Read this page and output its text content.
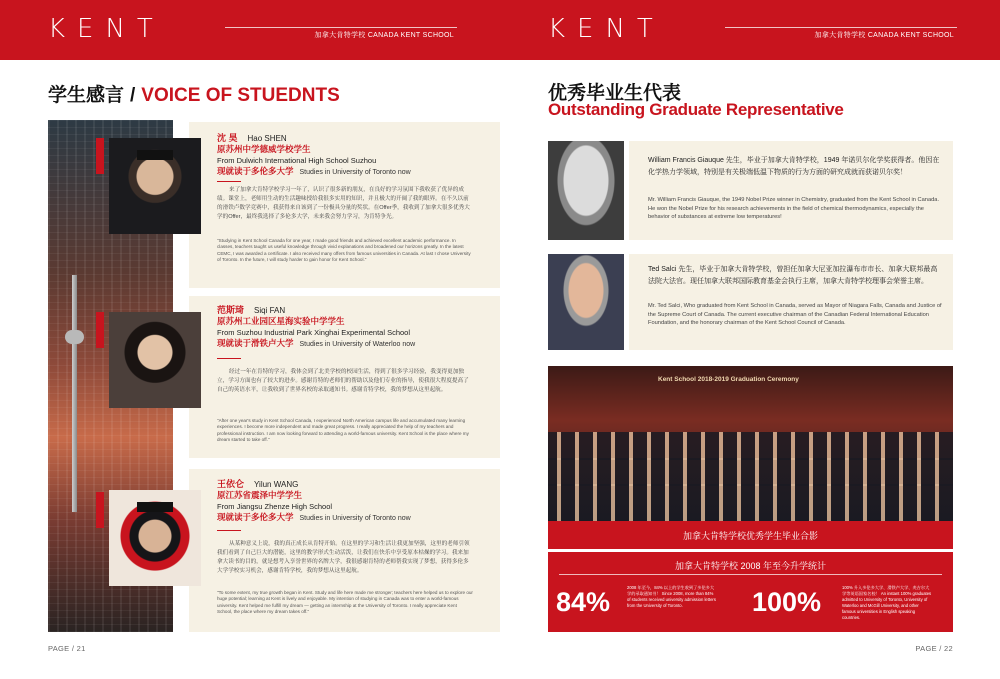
KENT	加拿大肯特学校 CANADA KENT SCHOOL
学生感言 / VOICE OF STUEDNTS
PAGE / 21
沈 昊 Hao SHEN
原苏州中学德威学校学生
From Dulwich International High School Suzhou
现就读于多伦多大学 Studies in University of Toronto now
来了加拿大肯特学校学习一年了，认识了很多新的朋友，在良好的学习氛围下我收获了优异的成绩。课堂上，老师用生动的生活趣味授给我很多实用的知识，并且极大的开阔了我的眼界。在不久以前的滑铁卢数学竞赛中，我获得来自该到了一份极具分量的奖状。在Offer季，我收到了加拿大很多优秀大学的Offer，最终我选择了多伦多大学，未来我会努力学习，为肯特争光。
"Studying in Kent School Canada for one year, I made good friends and achieved excellent academic performance. In classes, teachers taught us useful knowledge through vivid explanations and broadened our horizons greatly. In the latest CEMC, I was awarded a certificate. I also received many offers from famous universities in Canada. At last I chose University of Toronto. In the future, I will study harder to gain honor for Kent School."
范斯琦 Siqi FAN
原苏州工业园区星海实验中学学生
From Suzhou Industrial Park Xinghai Experimental School
现就读于滑铁卢大学 Studies in University of Waterloo now
经过一年在肯特的学习，我体会到了北美学校的校园生活，得到了很多学习经验，我变得更加独立，学习方面也有了较大的进步。感谢肯特的老师们的帮助以及他们专业的指导，使我很大程度提高了自己的英语水平，让我收到了世界名校的录取通知书。感谢肯特学校，我的梦想从这里起航。
"After one year's study in Kent School Canada, I experienced North American campus life and accumulated many learning experiences. I become more independent and made great progress. I really appreciated the help of my teachers and professional instruction. I am now looking forward to attending a world-famous university. Kent School is the place where my dream started to take off."
王依仑 Yilun WANG
原江苏省震泽中学学生
From Jiangsu Zhenze High School
现就读于多伦多大学 Studies in University of Toronto now
从某种意义上说，我的真正成长从肯特开始。在这里的学习和生活让我更加坚强，这里的老师引领我们看到了自己巨大的潜能，这里的教学形式生动活泼，让我们在快乐中享受原本枯燥的学习。我来加拿大读书的目的，就是想考入享誉世界的名牌大学，我很感谢肯特的老师帮我实现了梦想，获得多伦多大学学校实习机会，感谢肯特学校，我的梦想从这里起航。
"To some extent, my true growth began in Kent. Study and life here made me stronger; teachers here helped us to explore our huge potential; learning at Kent is lively and enjoyable. My intention of studying in Canada was to enter a world-famous university. Kent helped me fulfill my dream — getting an internship at the University of Toronto. I really appreciate Kent School, the place where my dream takes off."
KENT	加拿大肯特学校 CANADA KENT SCHOOL
优秀毕业生代表
Outstanding Graduate Representative
PAGE / 22
William Francis Giauque 先生，毕业于加拿大肯特学校，1949 年诺贝尔化学奖获得者。他因在化学热力学领域，特别是有关极端低温下物质的行为方面的研究成就而获诺贝尔奖！
Mr. William Francis Giauque, the 1949 Nobel Prize winner in Chemistry, graduated from the Kent School in Canada. He won the Nobel Prize for his research achievements in the field of chemical thermodynamics, especially the behavior of substances at extreme low temperatures!
Ted Salci 先生，毕业于加拿大肯特学校，曾担任加拿大尼亚加拉瀑布市市长、加拿大联邦最高法院大法官。现任加拿大联邦国际教育基金会执行主席，加拿大肯特学校理事会荣誉主席。
Mr. Ted Salci, Who graduated from Kent School in Canada, served as Mayor of Niagara Falls, Canada and Justice of the Supreme Court of Canada. The current executive chairman of the Canadian Federal International Education Foundation, and the honorary chairman of the Kent School Council of Canada.
Kent School 2018-2019 Graduation Ceremony
加拿大肯特学校优秀学生毕业合影
加拿大肯特学校 2008 年至今升学统计
84%	2008 年至今，84% 以上的学生收到了多伦多大学的录取通知书！ Since 2008, more than 84% of students received university admission letters from the University of Toronto.	100%	100% 升入多伦多大学、滑铁卢大学、麦吉尔大学等英语国家名校！ An instant 100% graduates admitted to University of Toronto, University of Waterloo and McGill University, and other famous universities in English speaking countries.
